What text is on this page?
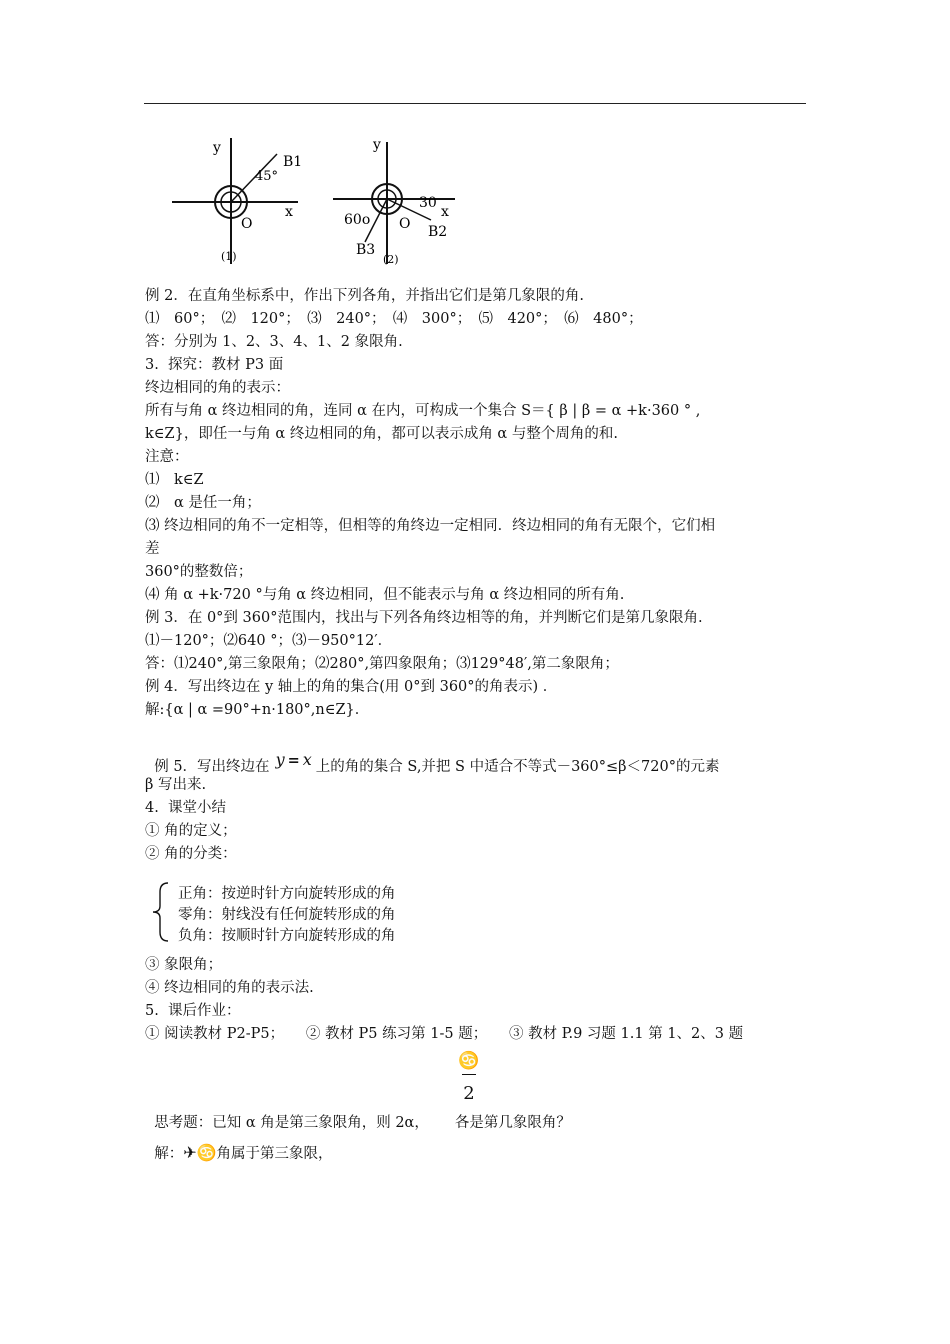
y
x
O
B1
45°
(1)
y
x
O B2
B3
30
60o
(2)
例 2．在直角坐标系中，作出下列各角，并指出它们是第几象限的角.
⑴　60°；　⑵　120°；　⑶　240°；　⑷　300°；　⑸　420°；　⑹　480°；
答：分别为 1、2、3、4、1、2 象限角.
3.  探究：教材 P3 面
终边相同的角的表示：
所有与角 α 终边相同的角，连同 α 在内，可构成一个集合 S＝{ β | β = α +k·360 ° ,
k∈Z}，即任一与角 α 终边相同的角，都可以表示成角 α 与整个周角的和.
注意：
⑴　k∈Z
⑵　α 是任一角；
⑶ 终边相同的角不一定相等，但相等的角终边一定相同．终边相同的角有无限个，它们相
差
360°的整数倍；
⑷ 角 α +k·720 °与角 α 终边相同，但不能表示与角 α 终边相同的所有角.
例 3．在 0°到 360°范围内，找出与下列各角终边相等的角，并判断它们是第几象限角.
⑴－120°；⑵640 °；⑶－950°12′．
答：⑴240°,第三象限角；⑵280°,第四象限角；⑶129°48′,第二象限角；
例 4．写出终边在 y 轴上的角的集合(用 0°到 360°的角表示) ．
解:{α | α =90°+n·180°,n∈Z}．

例 5．写出终边在 y = x 上的角的集合 S,并把 S 中适合不等式－360°≤β＜720°的元素

β 写出来.
4.  课堂小结
① 角的定义；
② 角的分类：
正角：按逆时针方向旋转形成的角
零角：射线没有任何旋转形成的角
负角：按顺时针方向旋转形成的角
③ 象限角；
④ 终边相同的角的表示法.
5.  课后作业：
① 阅读教材 P2-P5；　　② 教材 P5 练习第 1-5 题；　　③ 教材 P.9 习题 1.1 第 1、2、3 题
♋
2

思考题：已知 α 角是第三象限角，则 2α， 各是第几象限角？

解：✈♋角属于第三象限，
